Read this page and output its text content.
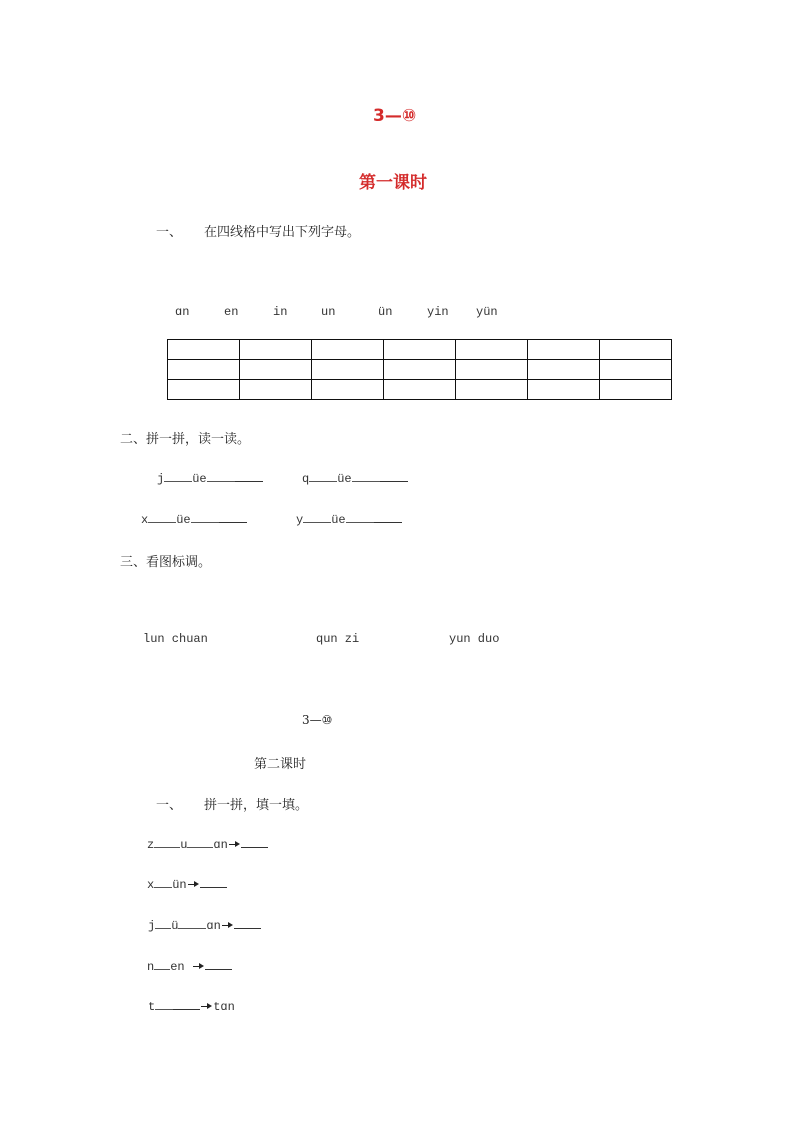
3—⑩
第一课时
一、 在四线格中写出下列字母。
ɑn	en	in	un	ün	yin yün

二、拼一拼，读一读。
j üe	q üe
x üe	y üe
三、看图标调。
lun chuan	qun zi	yun duo
3—⑩
第二课时
一、 拼一拼，填一填。
z u ɑn
x ün
j ü ɑn
n en
t	tɑn
